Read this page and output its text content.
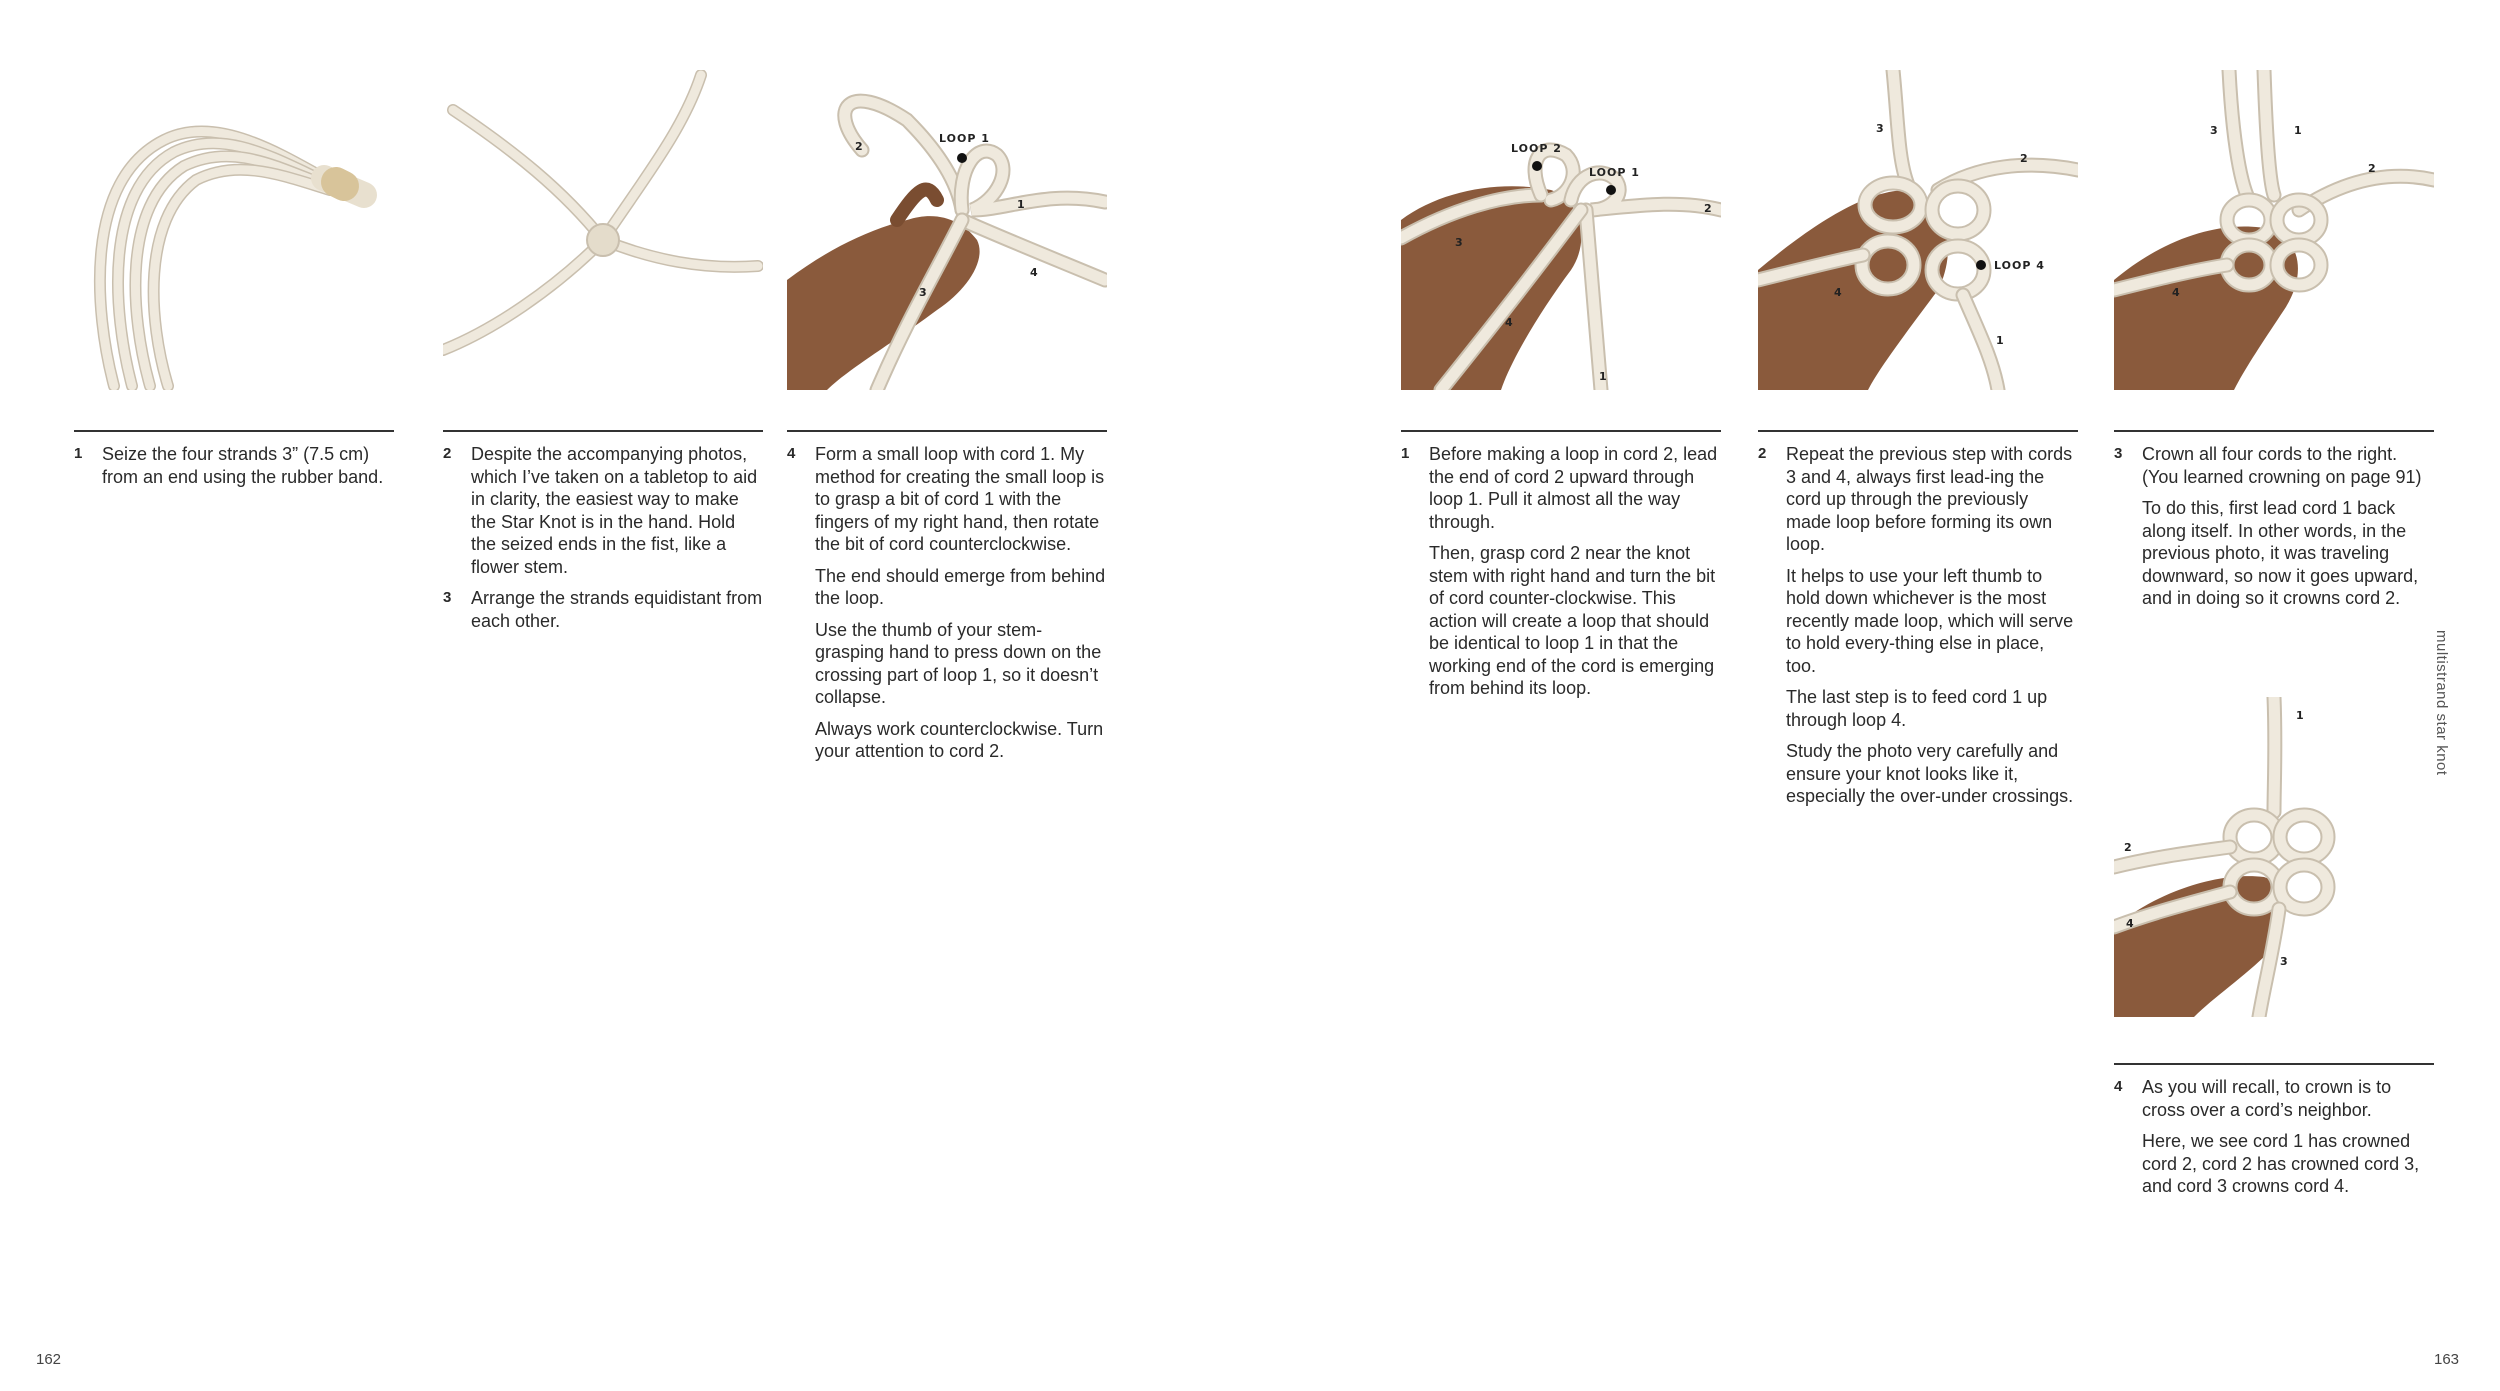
2
LOOP 1
1
4
3
LOOP 2
LOOP 1
2
3
4
1
3
2
LOOP 4
4
1
3	1
2
4
1
2
4
3
1 Seize the four strands 3” (7.5 cm) from an end using the rubber band.

2 Despite the accompanying photos, which I’ve taken on a tabletop to aid in clarity, the easiest way to make the Star Knot is in the hand. Hold the seized ends in the fist, like a flower stem.

3 Arrange the strands equidistant from each other.

4 Form a small loop with cord 1. My method for creating the small loop is to grasp a bit of cord 1 with the fingers of my right hand, then rotate the bit of cord counterclockwise.

The end should emerge from behind the loop.

Use the thumb of your stem-grasping hand to press down on the crossing part of loop 1, so it doesn’t collapse.

Always work counterclockwise. Turn your attention to cord 2.

1 Before making a loop in cord 2, lead the end of cord 2 upward through loop 1. Pull it almost all the way through.

Then, grasp cord 2 near the knot stem with right hand and turn the bit of cord counter-clockwise. This action will create a loop that should be identical to loop 1 in that the working end of the cord is emerging from behind its loop.

2 Repeat the previous step with cords 3 and 4, always first lead-ing the cord up through the previously made loop before forming its own loop.

It helps to use your left thumb to hold down whichever is the most recently made loop, which will serve to hold every-thing else in place, too.

The last step is to feed cord 1 up through loop 4.

Study the photo very carefully and ensure your knot looks like it, especially the over-under crossings.

3 Crown all four cords to the right. (You learned crowning on page 91)

To do this, first lead cord 1 back along itself. In other words, in the previous photo, it was traveling downward, so now it goes upward, and in doing so it crowns cord 2.

4 As you will recall, to crown is to cross over a cord’s neighbor.

Here, we see cord 1 has crowned cord 2, cord 2 has crowned cord 3, and cord 3 crowns cord 4.

multistrand star knot
162	163
